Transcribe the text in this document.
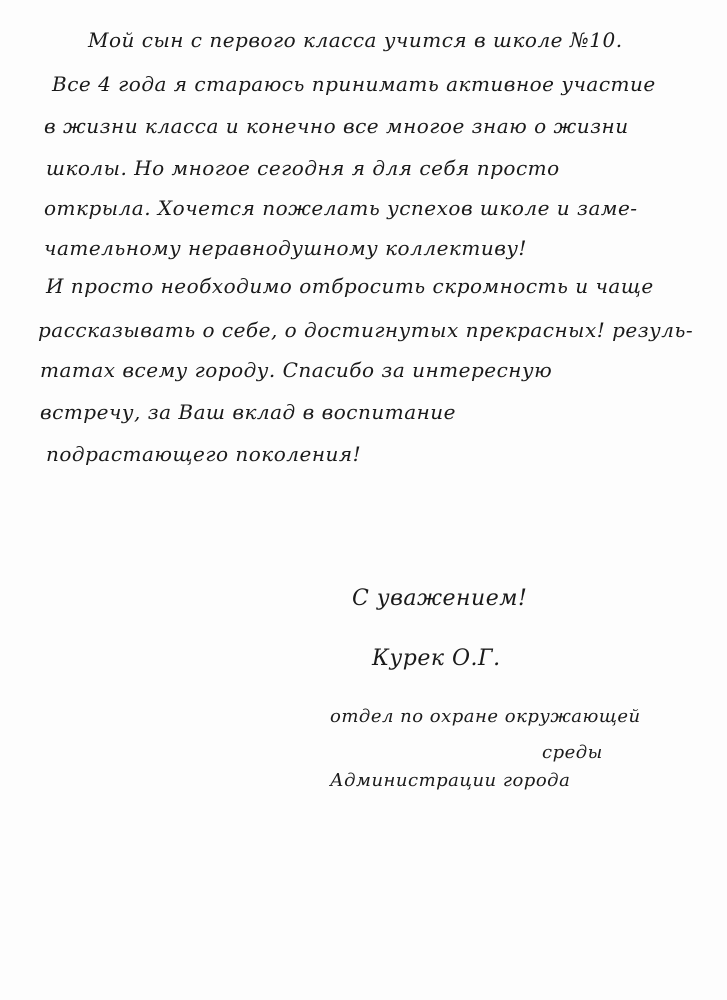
Мой сын с первого класса учится в школе №10.
Все 4 года я стараюсь принимать активное участие
в жизни класса и конечно все многое знаю о жизни
школы. Но многое сегодня я для себя просто
открыла. Хочется пожелать успехов школе и заме-
чательному неравнодушному коллективу!
И просто необходимо отбросить скромность и чаще
рассказывать о себе, о достигнутых прекрасных! резуль-
татах всему городу. Спасибо за интересную
встречу, за Ваш вклад в воспитание
подрастающего поколения!
С уважением!
Курек О.Г.
отдел по охране окружающей
среды
Администрации города
